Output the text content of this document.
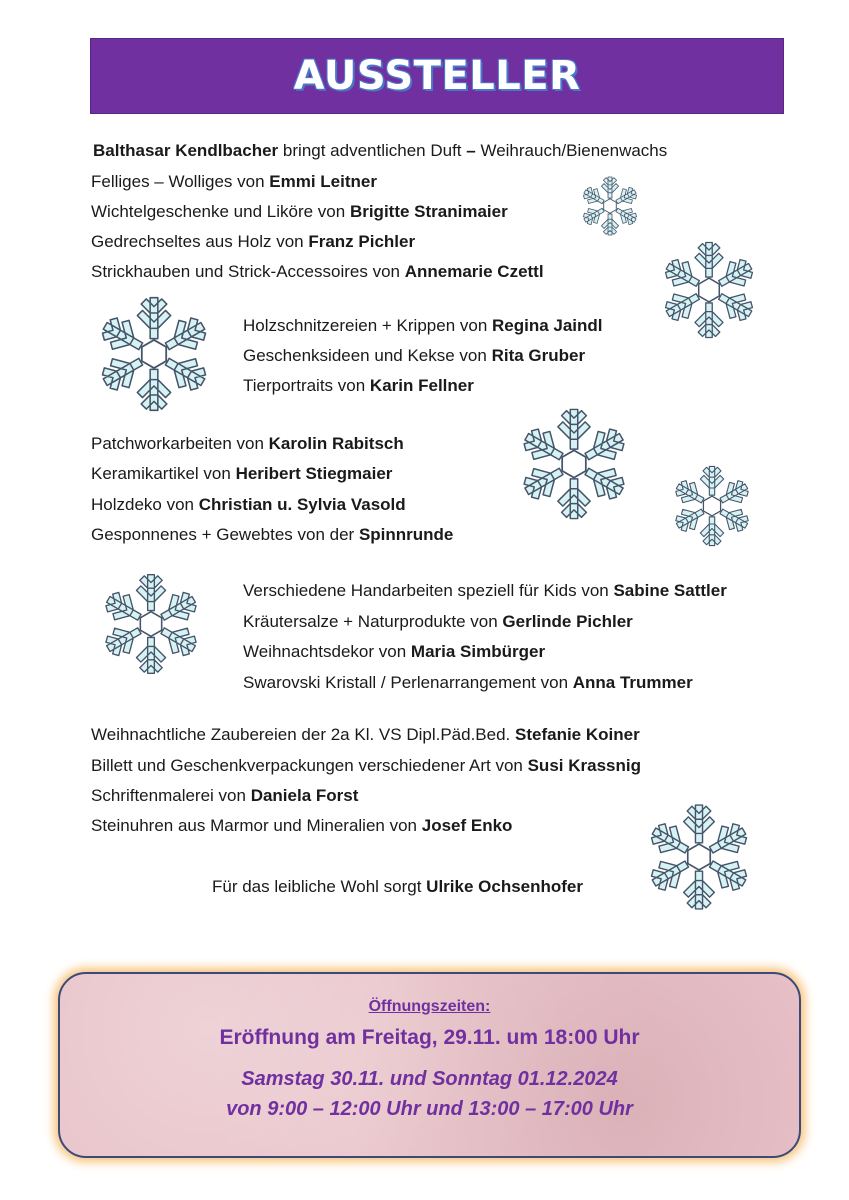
AUSSTELLER
Balthasar Kendlbacher bringt adventlichen Duft – Weihrauch/Bienenwachs
Felliges – Wolliges von Emmi Leitner
Wichtelgeschenke und Liköre von Brigitte Stranimaier
Gedrechseltes aus Holz von Franz Pichler
Strickhauben und Strick-Accessoires von Annemarie Czettl
Holzschnitzereien + Krippen von Regina Jaindl
Geschenksideen und Kekse von Rita Gruber
Tierportraits von Karin Fellner
Patchworkarbeiten von Karolin Rabitsch
Keramikartikel von Heribert Stiegmaier
Holzdeko von Christian u. Sylvia Vasold
Gesponnenes + Gewebtes von der Spinnrunde
Verschiedene Handarbeiten speziell für Kids von Sabine Sattler
Kräutersalze + Naturprodukte von Gerlinde Pichler
Weihnachtsdekor von Maria Simbürger
Swarovski Kristall / Perlenarrangement von Anna Trummer
Weihnachtliche Zaubereien der 2a Kl. VS Dipl.Päd.Bed. Stefanie Koiner
Billett und Geschenkverpackungen verschiedener Art von Susi Krassnig
Schriftenmalerei von Daniela Forst
Steinuhren aus Marmor und Mineralien von Josef Enko
Für das leibliche Wohl sorgt Ulrike Ochsenhofer
Öffnungszeiten:
Eröffnung am Freitag, 29.11. um 18:00 Uhr
Samstag 30.11. und Sonntag 01.12.2024
von 9:00 – 12:00 Uhr und 13:00 – 17:00 Uhr
